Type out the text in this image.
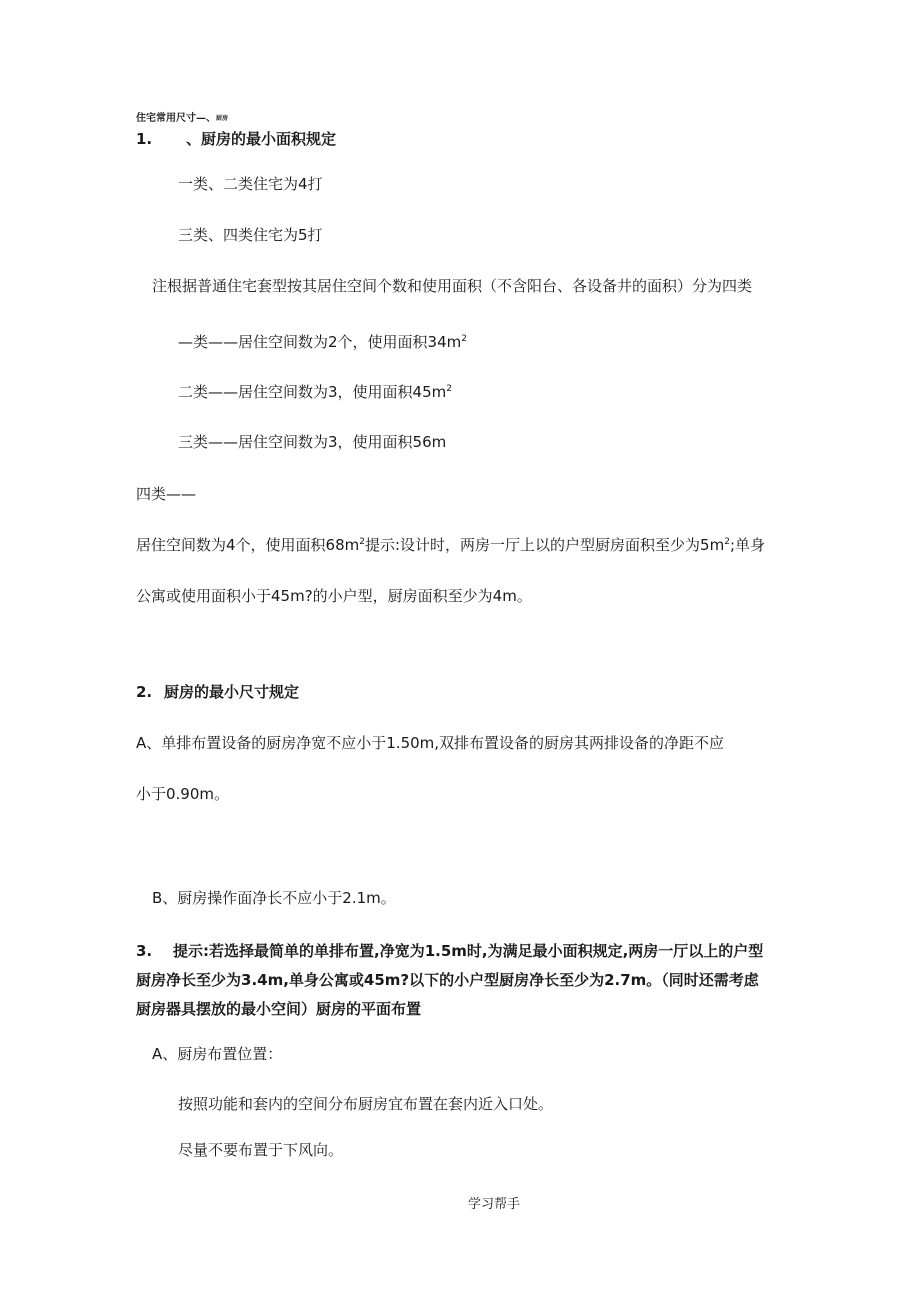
住宅常用尺寸—、$^{厨房}$
1. 、厨房的最小面积规定
一类、二类住宅为4打
三类、四类住宅为5打
注根据普通住宅套型按其居住空间个数和使用面积（不含阳台、各设备井的面积）分为四类
—类——居住空间数为2个，使用面积$34m^2$
二类——居住空间数为3，使用面积$45m^2$
三类——居住空间数为3，使用面积56m
四类——
居住空间数为4个，使用面积$68m^2$提示:设计时，两房一厅上以的户型厨房面积至少为$5m^2$;单身
公寓或使用面积小于45m?的小户型，厨房面积至少为4m。
2. 厨房的最小尺寸规定
A、单排布置设备的厨房净宽不应小于1.50m,双排布置设备的厨房其两排设备的净距不应
小于0.90m。
B、厨房操作面净长不应小于2.1m。
3. 提示:若选择最简单的单排布置,净宽为1.5m时,为满足最小面积规定,两房一厅以上的户型
厨房净长至少为3.4m,单身公寓或45m?以下的小户型厨房净长至少为2.7m。（同时还需考虑
厨房器具摆放的最小空间）厨房的平面布置
A、厨房布置位置：
按照功能和套内的空间分布厨房宜布置在套内近入口处。
尽量不要布置于下风向。
学习帮手
